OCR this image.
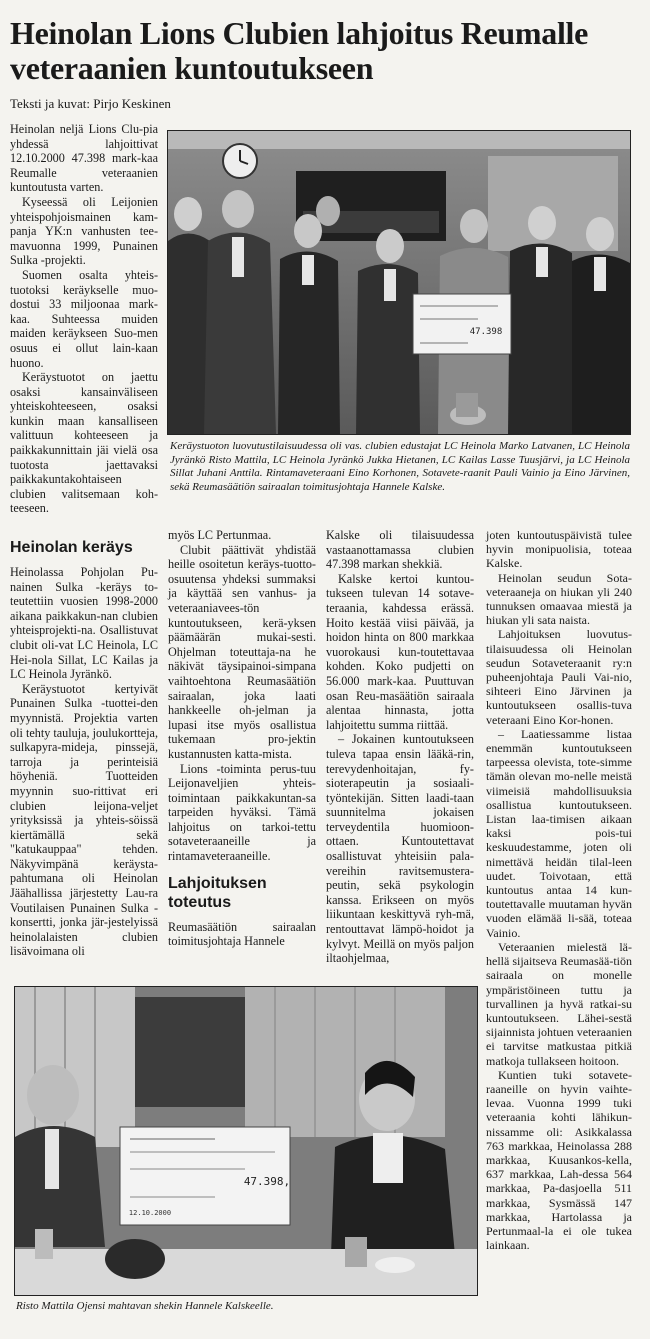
Heinolan Lions Clubien lahjoitus Reumalle veteraanien kuntoutukseen
Teksti ja kuvat: Pirjo Keskinen

Heinolan neljä Lions Clu-pia yhdessä lahjoittivat 12.10.2000 47.398 mark-kaa Reumalle veteraanien kuntoutusta varten.

Kyseessä oli Leijonien yhteispohjoismainen kam-panja YK:n vanhusten tee-mavuonna 1999, Punainen Sulka -projekti.

Suomen osalta yhteis-tuotoksi keräykselle muo-dostui 33 miljoonaa mark-kaa. Suhteessa muiden maiden keräykseen Suo-men osuus ei ollut lain-kaan huono.

Keräystuotot on jaettu osaksi kansainväliseen yhteiskohteeseen, osaksi kunkin maan kansalliseen valittuun kohteeseen ja paikkakunnittain jäi vielä osa tuotosta jaettavaksi paikkakuntakohtaiseen clubien valitsemaan koh-teeseen.

47.398
Keräystuoton luovutustilaisuudessa oli vas. clubien edustajat LC Heinola Marko Latvanen, LC Heinola Jyränkö Risto Mattila, LC Heinola Jyränkö Jukka Hietanen, LC Kailas Lasse Tuusjärvi, ja LC Heinola Sillat Juhani Anttila. Rintamaveteraani Eino Korhonen, Sotavete-raanit Pauli Vainio ja Eino Järvinen, sekä Reumasäätiön sairaalan toimitusjohtaja Hannele Kalske.
Heinolan keräys

Heinolassa Pohjolan Pu-nainen Sulka -keräys to-teutettiin vuosien 1998-2000 aikana paikkakun-nan clubien yhteisprojekti-na. Osallistuvat clubit oli-vat LC Heinola, LC Hei-nola Sillat, LC Kailas ja LC Heinola Jyränkö.

Keräystuotot kertyivät Punainen Sulka -tuottei-den myynnistä. Projektia varten oli tehty tauluja, joulukortteja, sulkapyra-mideja, pinssejä, tarroja ja perinteisiä höyheniä. Tuotteiden myynnin suo-rittivat eri clubien leijona-veljet yrityksissä ja yhteis-söissä kiertämällä sekä "katukauppaa" tehden. Näkyvimpänä keräysta-pahtumana oli Heinolan Jäähallissa järjestetty Lau-ra Voutilaisen Punainen Sulka -konsertti, jonka jär-jestelyissä heinolalaisten clubien lisävoimana oli

myös LC Pertunmaa.

Clubit päättivät yhdistää heille osoitetun keräys-tuotto-osuutensa yhdeksi summaksi ja käyttää sen vanhus- ja veteraaniavees-tön kuntoutukseen, kerä-yksen päämäärän mukai-sesti. Ohjelman toteuttaja-na he näkivät täysipainoi-simpana vaihtoehtona Reumasäätiön sairaalan, joka laati hankkeelle oh-jelman ja lupasi itse myös osallistua tukemaan pro-jektin kustannusten katta-mista.

Lions -toiminta perus-tuu Leijonaveljien yhteis-toimintaan paikkakuntan-sa tarpeiden hyväksi. Tämä lahjoitus on tarkoi-tettu sotaveteraaneille ja rintamaveteraaneille.

Lahjoituksen toteutus

Reumasäätiön sairaalan toimitusjohtaja Hannele

Kalske oli tilaisuudessa vastaanottamassa clubien 47.398 markan shekkiä.

Kalske kertoi kuntou-tukseen tulevan 14 sotave-teraania, kahdessa erässä. Hoito kestää viisi päivää, ja hoidon hinta on 800 markkaa vuorokausi kun-toutettavaa kohden. Koko pudjetti on 56.000 mark-kaa. Puuttuvan osan Reu-masäätiön sairaala alentaa hinnasta, jotta lahjoitettu summa riittää.

– Jokainen kuntoutukseen tuleva tapaa ensin lääkä-rin, terevydenhoitajan, fy-sioterapeutin ja sosiaali-työntekijän. Sitten laadi-taan suunnitelma jokaisen terveydentila huomioon-ottaen. Kuntoutettavat osallistuvat yhteisiin pala-vereihin ravitsemustera-peutin, sekä psykologin kanssa. Erikseen on myös liikuntaan keskittyvä ryh-mä, rentouttavat lämpö-hoidot ja kylvyt. Meillä on myös paljon iltaohjelmaa,

joten kuntoutuspäivistä tulee hyvin monipuolisia, toteaa Kalske.

Heinolan seudun Sota-veteraaneja on hiukan yli 240 tunnuksen omaavaa miestä ja hiukan yli sata naista.

Lahjoituksen luovutus-tilaisuudessa oli Heinolan seudun Sotaveteraanit ry:n puheenjohtaja Pauli Vai-nio, sihteeri Eino Järvinen ja kuntoutukseen osallis-tuva veteraani Eino Kor-honen.

– Laatiessamme listaa enemmän kuntoutukseen tarpeessa olevista, tote-simme tämän olevan mo-nelle meistä viimeisiä mahdollisuuksia osallistua kuntoutukseen. Listan laa-timisen aikaan kaksi pois-tui keskuudestamme, joten oli nimettävä heidän tilal-leen uudet. Toivotaan, että kuntoutus antaa 14 kun-toutettavalle muutaman hyvän vuoden elämää li-sää, toteaa Vainio.

Veteraanien mielestä lä-hellä sijaitseva Reumasää-tiön sairaala on monelle ympäristöineen tuttu ja turvallinen ja hyvä ratkai-su kuntoutukseen. Lähei-sestä sijainnista johtuen veteraanien ei tarvitse matkustaa pitkiä matkoja tullakseen hoitoon.

Kuntien tuki sotavete-raaneille on hyvin vaihte-levaa. Vuonna 1999 tuki veteraania kohti lähikun-nissamme oli: Asikkalassa 763 markkaa, Heinolassa 288 markkaa, Kuusankos-kella, 637 markkaa, Lah-dessa 564 markkaa, Pa-dasjoella 511 markkaa, Sysmässä 147 markkaa, Hartolassa ja Pertunmaal-la ei ole tukea lainkaan.

47.398,
12.10.2000
Risto Mattila Ojensi mahtavan shekin Hannele Kalskeelle.
